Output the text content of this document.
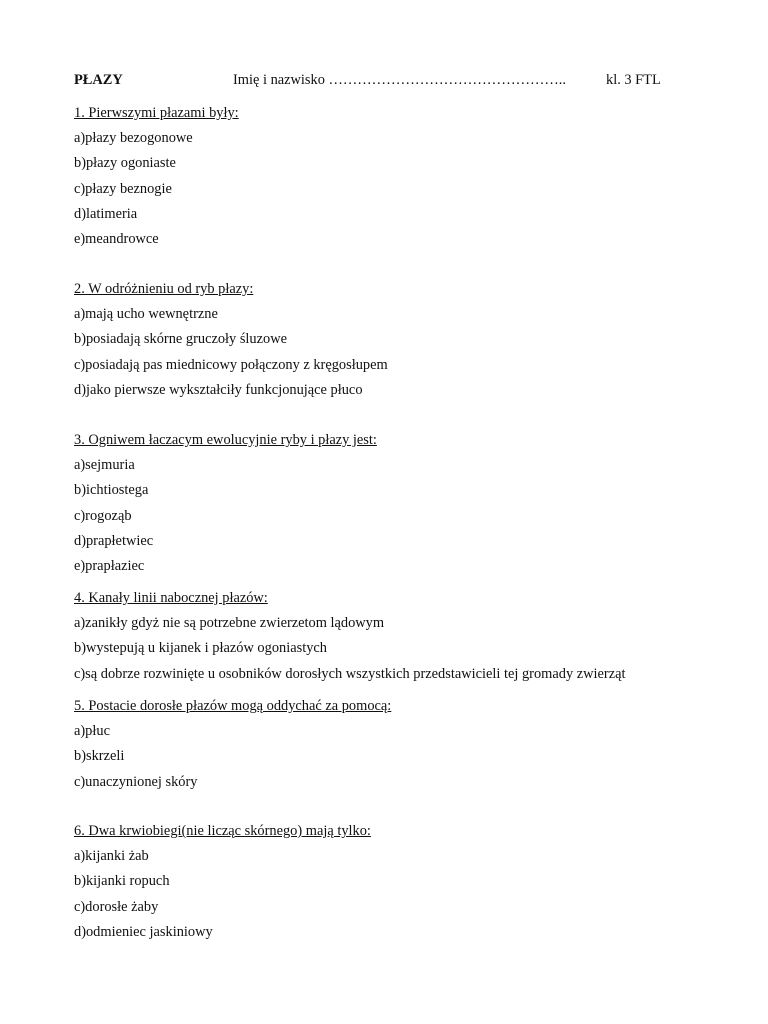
PŁAZY	Imię i nazwisko …………………………………………..	kl. 3 FTL
1. Pierwszymi płazami były:
a)płazy bezogonowe
b)płazy ogoniaste
c)płazy beznogie
d)latimeria
e)meandrowce
2. W odróżnieniu od ryb płazy:
a)mają ucho wewnętrzne
b)posiadają skórne gruczoły śluzowe
c)posiadają pas miednicowy połączony z kręgosłupem
d)jako pierwsze wykształciły funkcjonujące płuco
3. Ogniwem łaczacym ewolucyjnie ryby i płazy jest:
a)sejmuria
b)ichtiostega
c)rogoząb
d)prapłetwiec
e)prapłaziec
4. Kanały linii nabocznej płazów:
a)zanikły gdyż nie są potrzebne zwierzetom lądowym
b)wystepują u kijanek i płazów ogoniastych
c)są dobrze rozwinięte u osobników dorosłych wszystkich przedstawicieli tej gromady zwierząt
5. Postacie dorosłe płazów mogą oddychać za pomocą:
a)płuc
b)skrzeli
c)unaczynionej skóry
6. Dwa krwiobiegi(nie licząc skórnego) mają tylko:
a)kijanki żab
b)kijanki ropuch
c)dorosłe żaby
d)odmieniec jaskiniowy
